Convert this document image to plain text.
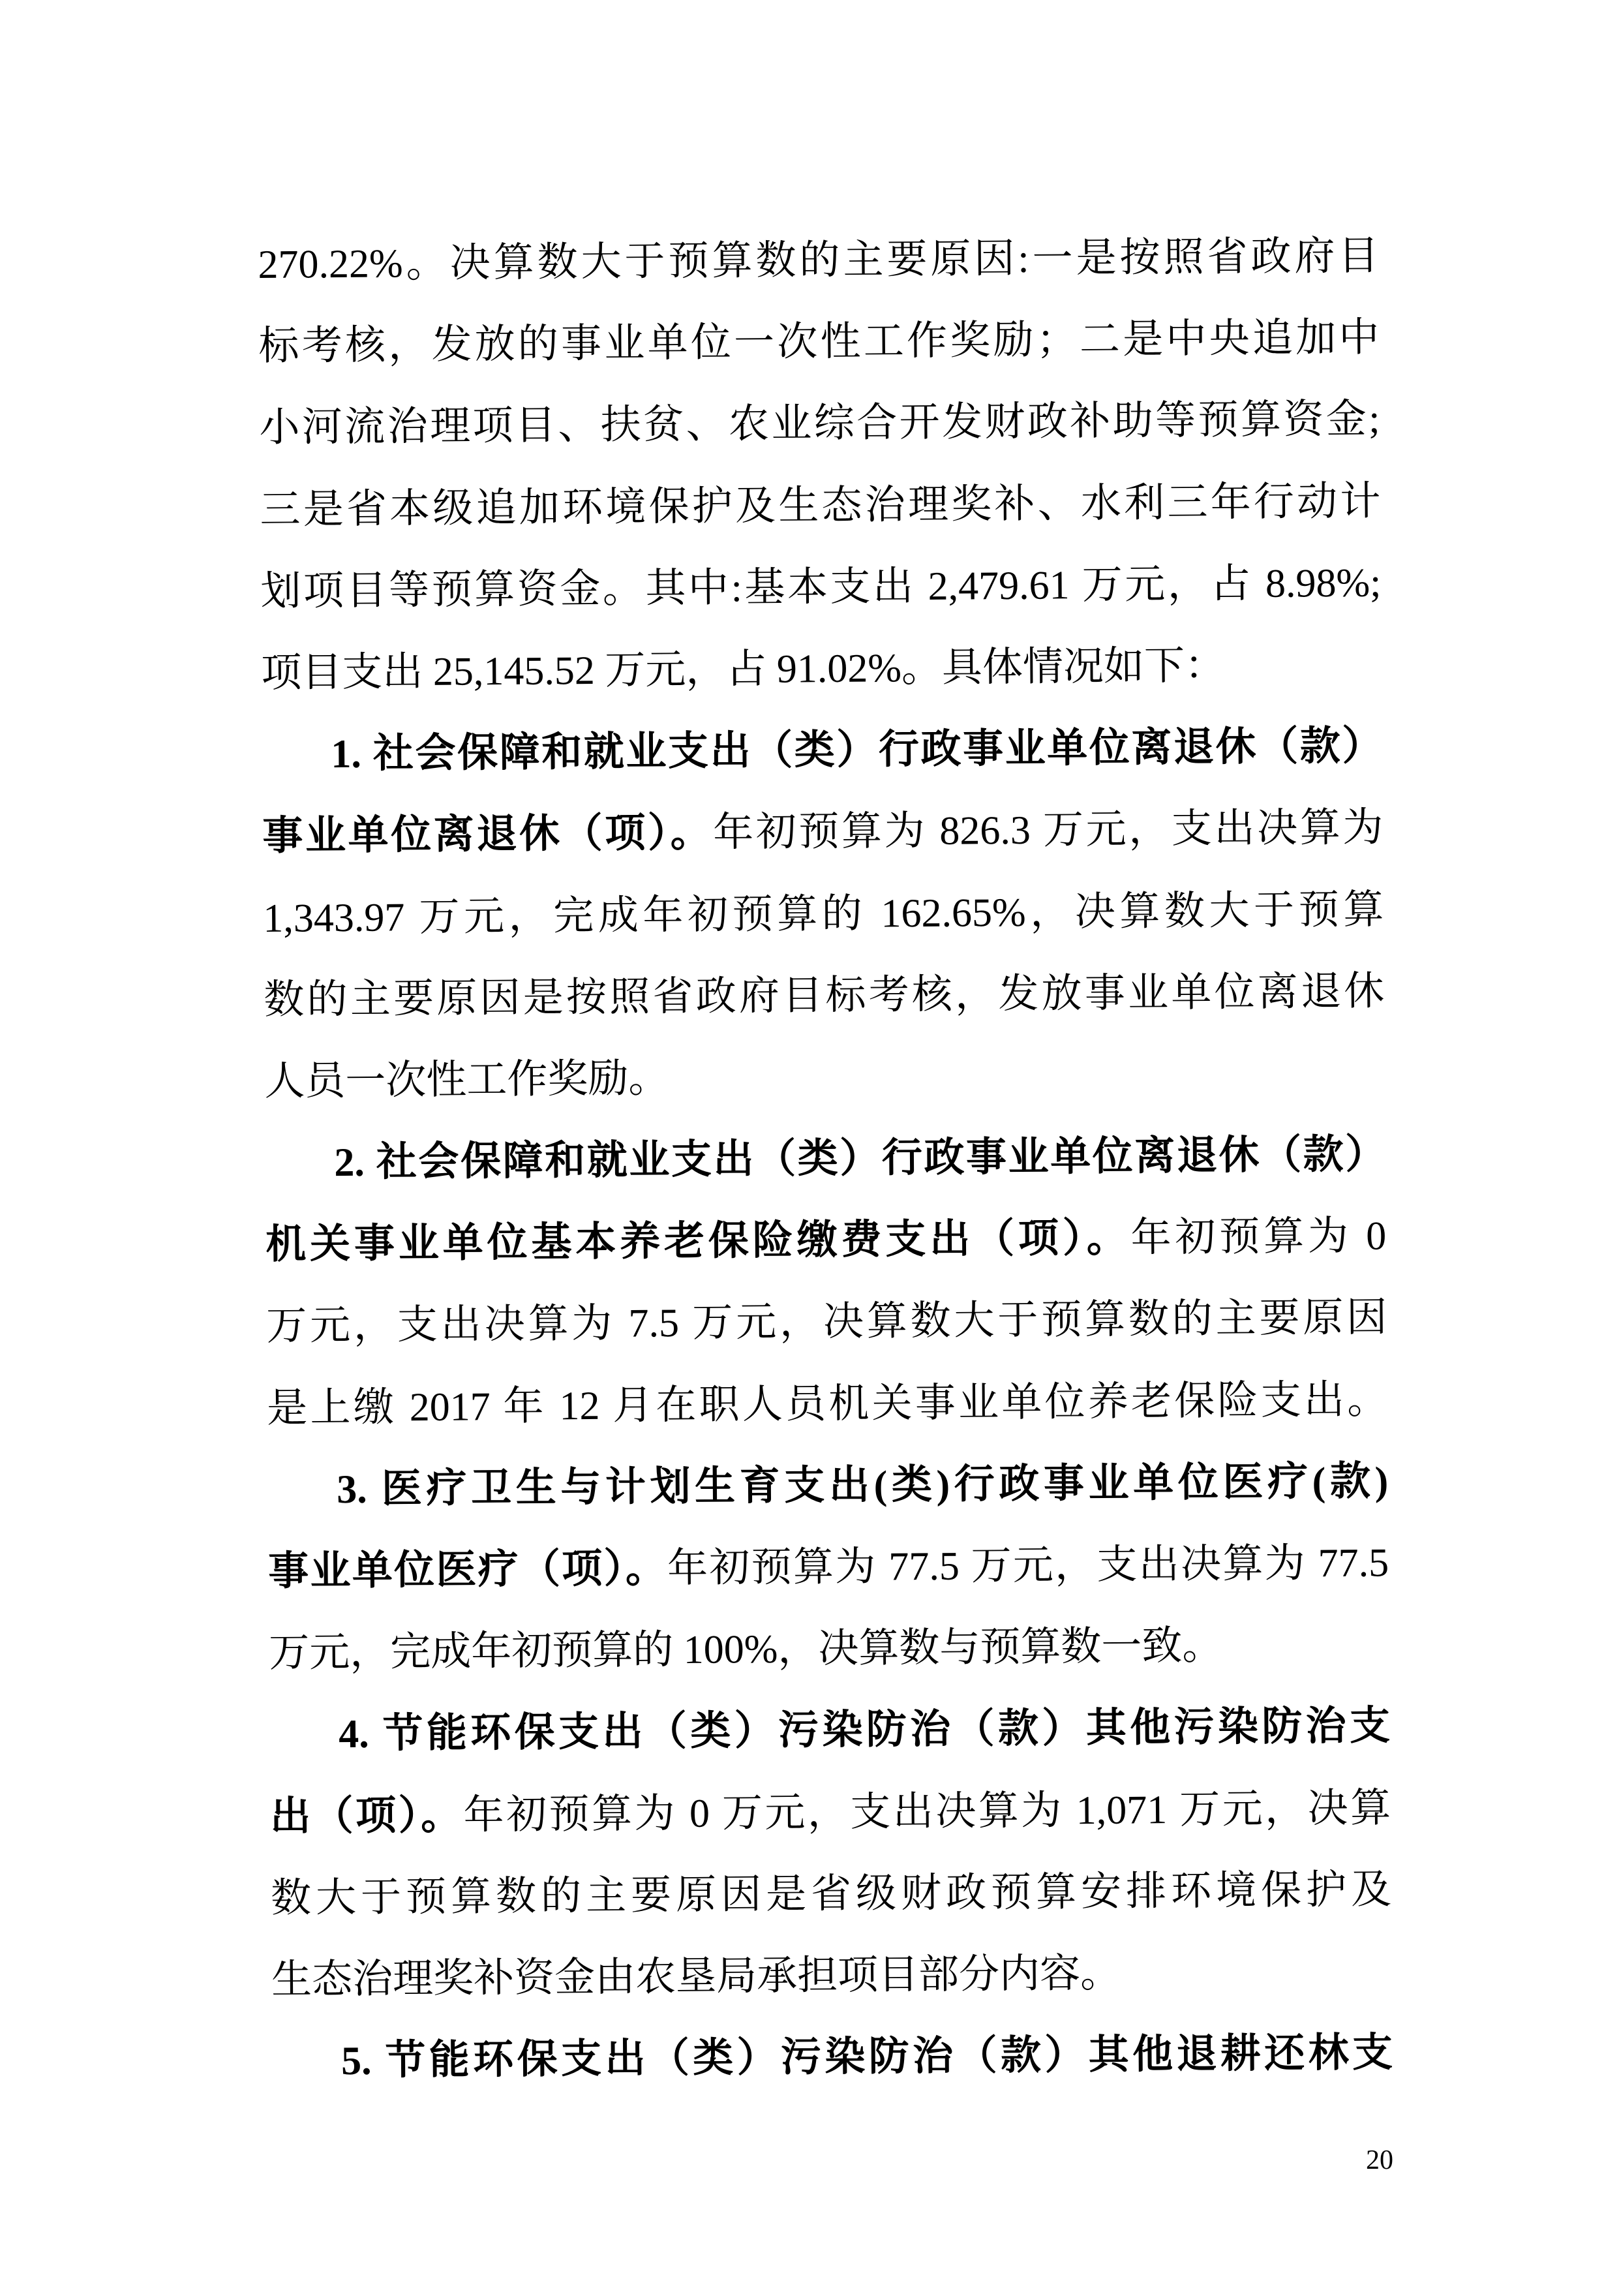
270.22%。决算数大于预算数的主要原因:一是按照省政府目
标考核，发放的事业单位一次性工作奖励；二是中央追加中
小河流治理项目、扶贫、农业综合开发财政补助等预算资金;
三是省本级追加环境保护及生态治理奖补、水利三年行动计
划项目等预算资金。其中:基本支出 2,479.61 万元，占 8.98%;
项目支出 25,145.52 万元，占 91.02%。具体情况如下：
1. 社会保障和就业支出（类）行政事业单位离退休（款）
事业单位离退休（项）。年初预算为 826.3 万元，支出决算为
1,343.97 万元，完成年初预算的 162.65%，决算数大于预算
数的主要原因是按照省政府目标考核，发放事业单位离退休
人员一次性工作奖励。
2. 社会保障和就业支出（类）行政事业单位离退休（款）
机关事业单位基本养老保险缴费支出（项）。年初预算为 0
万元，支出决算为 7.5 万元，决算数大于预算数的主要原因
是上缴 2017 年 12 月在职人员机关事业单位养老保险支出。
3. 医疗卫生与计划生育支出(类)行政事业单位医疗(款)
事业单位医疗（项）。年初预算为 77.5 万元，支出决算为 77.5
万元，完成年初预算的 100%，决算数与预算数一致。
4. 节能环保支出（类）污染防治（款）其他污染防治支
出（项）。年初预算为 0 万元，支出决算为 1,071 万元，决算
数大于预算数的主要原因是省级财政预算安排环境保护及
生态治理奖补资金由农垦局承担项目部分内容。
5. 节能环保支出（类）污染防治（款）其他退耕还林支
20
